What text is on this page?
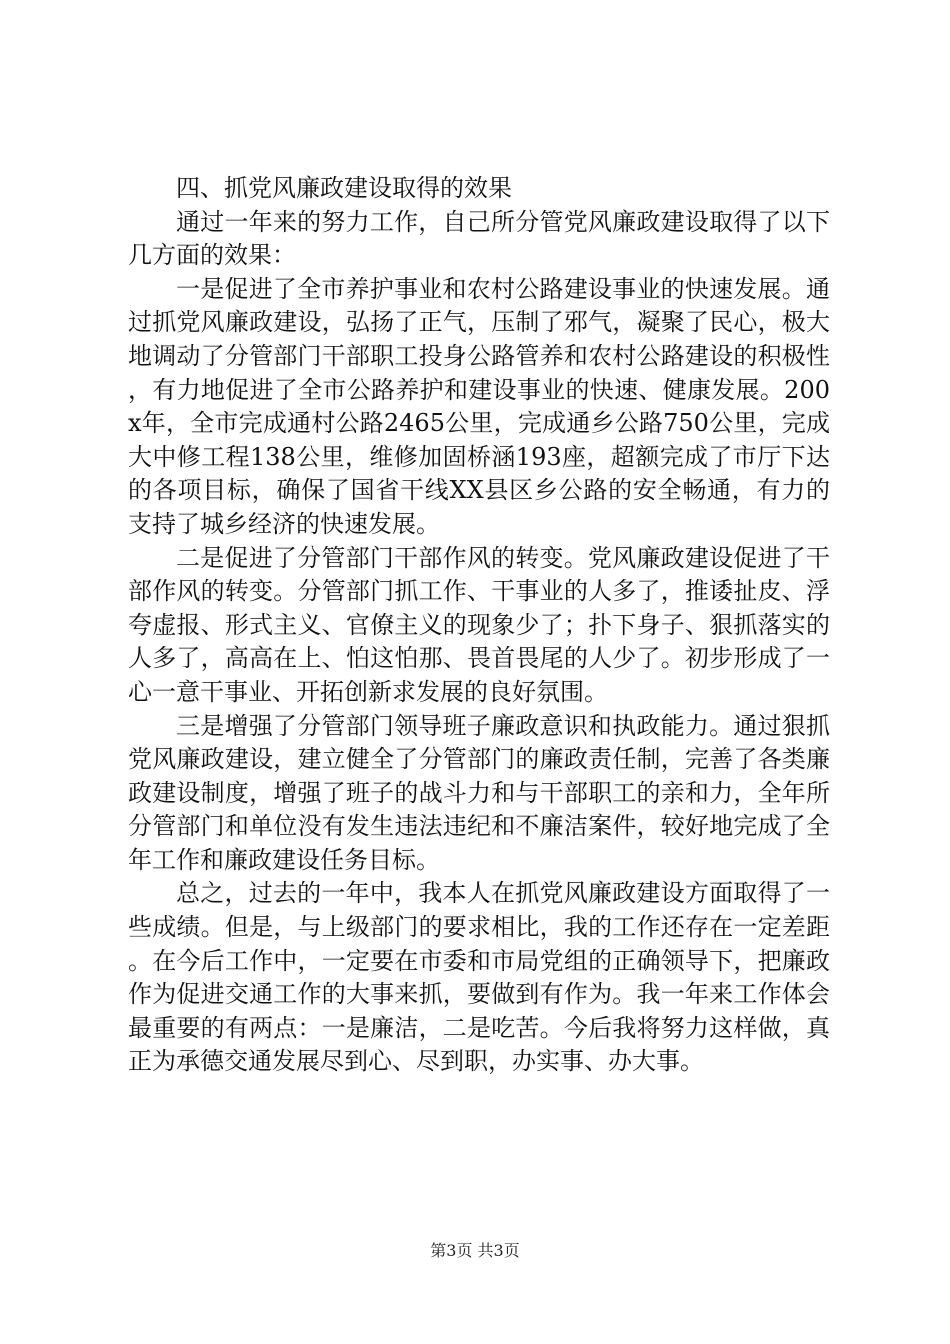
四、抓党风廉政建设取得的效果

通过一年来的努力工作，自己所分管党风廉政建设取得了以下几方面的效果：

一是促进了全市养护事业和农村公路建设事业的快速发展。通过抓党风廉政建设，弘扬了正气，压制了邪气，凝聚了民心，极大地调动了分管部门干部职工投身公路管养和农村公路建设的积极性，有力地促进了全市公路养护和建设事业的快速、健康发展。200x年，全市完成通村公路2465公里，完成通乡公路750公里，完成大中修工程138公里，维修加固桥涵193座，超额完成了市厅下达的各项目标，确保了国省干线XX县区乡公路的安全畅通，有力的支持了城乡经济的快速发展。

二是促进了分管部门干部作风的转变。党风廉政建设促进了干部作风的转变。分管部门抓工作、干事业的人多了，推诿扯皮、浮夸虚报、形式主义、官僚主义的现象少了；扑下身子、狠抓落实的人多了，高高在上、怕这怕那、畏首畏尾的人少了。初步形成了一心一意干事业、开拓创新求发展的良好氛围。

三是增强了分管部门领导班子廉政意识和执政能力。通过狠抓党风廉政建设，建立健全了分管部门的廉政责任制，完善了各类廉政建设制度，增强了班子的战斗力和与干部职工的亲和力，全年所分管部门和单位没有发生违法违纪和不廉洁案件，较好地完成了全年工作和廉政建设任务目标。

总之，过去的一年中，我本人在抓党风廉政建设方面取得了一些成绩。但是，与上级部门的要求相比，我的工作还存在一定差距。在今后工作中，一定要在市委和市局党组的正确领导下，把廉政作为促进交通工作的大事来抓，要做到有作为。我一年来工作体会最重要的有两点：一是廉洁，二是吃苦。今后我将努力这样做，真正为承德交通发展尽到心、尽到职，办实事、办大事。

第3页 共3页
